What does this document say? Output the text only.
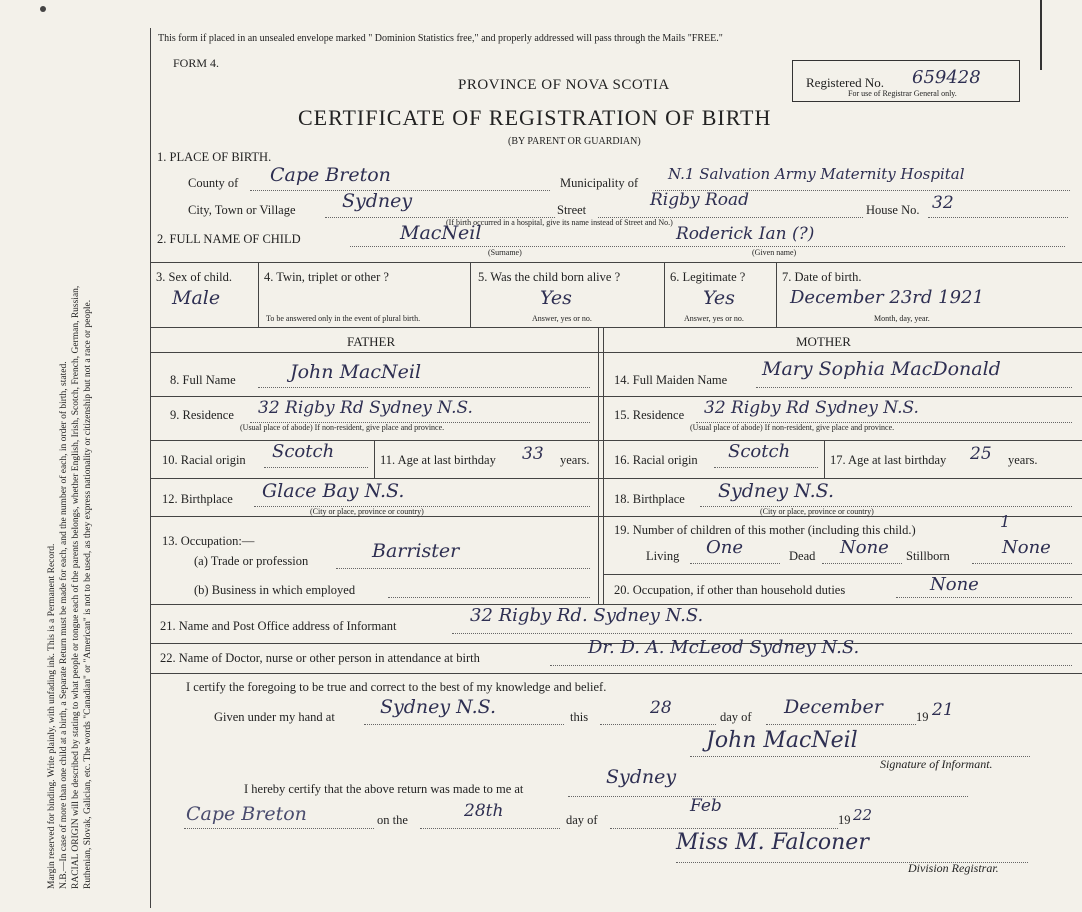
Margin reserved for binding. Write plainly, with unfading ink. This is a Permanent Record. N.B.—In case of more than one child at a birth, a Separate Return must be made for each, and the number of each, in order of birth, stated. RACIAL ORIGIN will be described by stating to what people or tongue each of the parents belongs, whether English, Irish, Scotch, French, German, Russian, Ruthenian, Slovak, Galician, etc. The words "Canadian" or "American" is not to be used, as they express nationality or citizenship but not a race or people.
This form if placed in an unsealed envelope marked " Dominion Statistics free," and properly addressed will pass through the Mails "FREE."
FORM 4.
PROVINCE OF NOVA SCOTIA
CERTIFICATE OF REGISTRATION OF BIRTH
(BY PARENT OR GUARDIAN)
Registered No. 659428
For use of Registrar General only.
1. PLACE OF BIRTH.
County of Cape Breton	Municipality of N.1 Salvation Army Maternity Hospital
City, Town or Village Sydney	Street	Rigby Road
(If birth occurred in a hospital, give its name instead of Street and No.)
House No. 32
2. FULL NAME OF CHILD	MacNeil
(Surname)
Roderick Ian (?)
(Given name)
3. Sex of child.
Male
4. Twin, triplet or other ?
To be answered only in the event of plural birth.
5. Was the child born alive ?
Yes
Answer, yes or no.
6. Legitimate ?
Yes
Answer, yes or no.
7. Date of birth.
December 23rd 1921
Month, day, year.
FATHER	MOTHER
8. Full Name	John MacNeil
9. Residence 32 Rigby Rd Sydney N.S.
(Usual place of abode) If non-resident, give place and province.
10. Racial origin Scotch	11. Age at last birthday 33 years.
12. Birthplace Glace Bay N.S.
(City or place, province or country)
13. Occupation:—
(a) Trade or profession	Barrister
(b) Business in which employed
14. Full Maiden Name Mary Sophia MacDonald
15. Residence 32 Rigby Rd Sydney N.S.
(Usual place of abode) If non-resident, give place and province.
16. Racial origin Scotch	17. Age at last birthday 25 years.
18. Birthplace Sydney N.S.
(City or place, province or country)
19. Number of children of this mother (including this child.)	1
Living One	Dead None Stillborn	None
20. Occupation, if other than household duties	None
21. Name and Post Office address of Informant	32 Rigby Rd. Sydney N.S.
22. Name of Doctor, nurse or other person in attendance at birth	Dr. D. A. McLeod Sydney N.S.
I certify the foregoing to be true and correct to the best of my knowledge and belief.
Given under my hand at Sydney N.S.	this	28	day of December	19 21
John MacNeil
Signature of Informant.
I hereby certify that the above return was made to me at
Sydney
Cape Breton	on the	28th	day of
Feb
19 22
Miss M. Falconer
Division Registrar.
